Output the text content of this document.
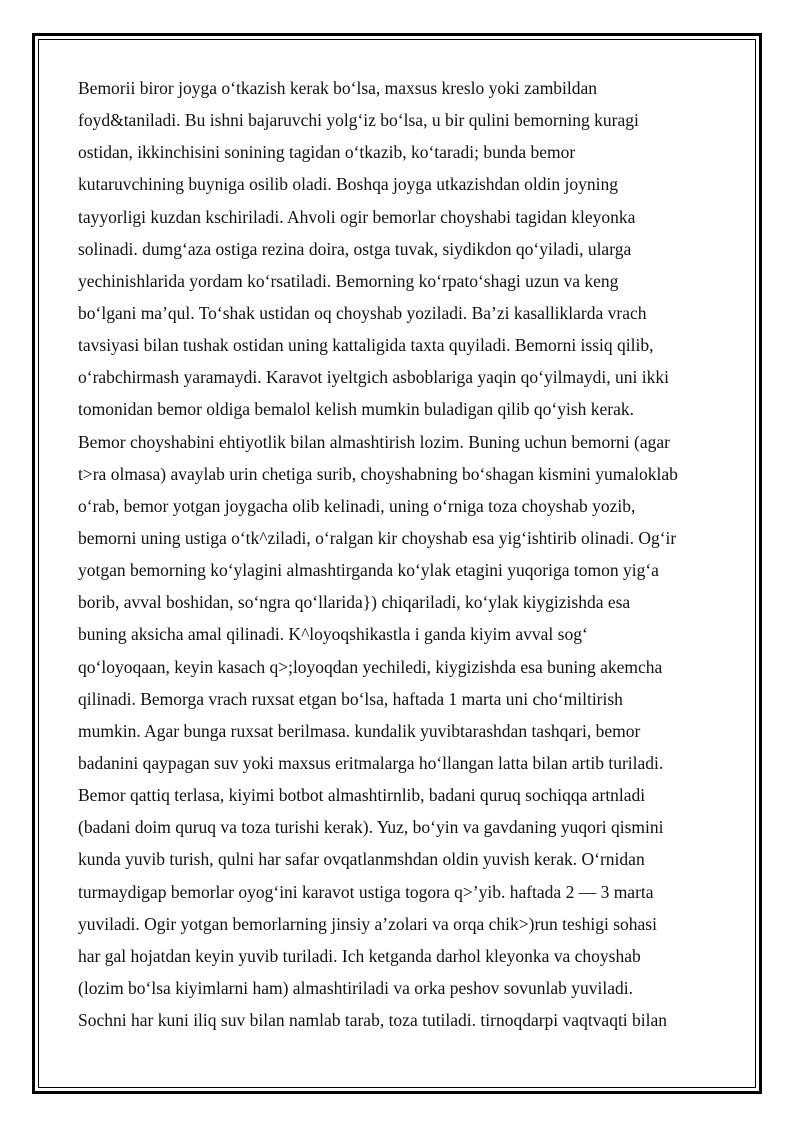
Bemorii biror joyga o‘tkazish kerak bo‘lsa, maxsus kreslo yoki zambildan
foyd&taniladi. Bu ishni bajaruvchi yolg‘iz bo‘lsa, u bir qulini bemorning kuragi
ostidan, ikkinchisini sonining tagidan o‘tkazib, ko‘taradi; bunda bemor
kutaruvchining buyniga osilib oladi. Boshqa joyga utkazishdan oldin joyning
tayyorligi kuzdan kschiriladi. Ahvoli ogir bemorlar choyshabi tagidan kleyonka
solinadi. dumg‘aza ostiga rezina doira, ostga tuvak, siydikdon qo‘yiladi, ularga
yechinishlarida yordam ko‘rsatiladi. Bemorning ko‘rpato‘shagi uzun va keng
bo‘lgani ma’qul. To‘shak ustidan oq choyshab yoziladi. Ba’zi kasalliklarda vrach
tavsiyasi bilan tushak ostidan uning kattaligida taxta quyiladi. Bemorni issiq qilib,
o‘rabchirmash yaramaydi. Karavot iyeltgich asboblariga yaqin qo‘yilmaydi, uni ikki
tomonidan bemor oldiga bemalol kelish mumkin buladigan qilib qo‘yish kerak.
Bemor choyshabini ehtiyotlik bilan almashtirish lozim. Buning uchun bemorni (agar
t>ra olmasa) avaylab urin chetiga surib, choyshabning bo‘shagan kismini yumaloklab
o‘rab, bemor yotgan joygacha olib kelinadi, uning o‘rniga toza choyshab yozib,
bemorni uning ustiga o‘tk^ziladi, o‘ralgan kir choyshab esa yig‘ishtirib olinadi. Og‘ir
yotgan bemorning ko‘ylagini almashtirganda ko‘ylak etagini yuqoriga tomon yig‘a
borib, avval boshidan, so‘ngra qo‘llarida}) chiqariladi, ko‘ylak kiygizishda esa
buning aksicha amal qilinadi. K^loyoqshikastla i ganda kiyim avval sog‘
qo‘loyoqaan, keyin kasach q>;loyoqdan yechiledi, kiygizishda esa buning akemcha
qilinadi. Bemorga vrach ruxsat etgan bo‘lsa, haftada 1 marta uni cho‘miltirish
mumkin. Agar bunga ruxsat berilmasa. kundalik yuvibtarashdan tashqari, bemor
badanini qaypagan suv yoki maxsus eritmalarga ho‘llangan latta bilan artib turiladi.
Bemor qattiq terlasa, kiyimi botbot almashtirnlib, badani quruq sochiqqa artnladi
(badani doim quruq va toza turishi kerak). Yuz, bo‘yin va gavdaning yuqori qismini
kunda yuvib turish, qulni har safar ovqatlanmshdan oldin yuvish kerak. O‘rnidan
turmaydigap bemorlar oyog‘ini karavot ustiga togora q>’yib. haftada 2 — 3 marta
yuviladi. Ogir yotgan bemorlarning jinsiy a’zolari va orqa chik>)run teshigi sohasi
har gal hojatdan keyin yuvib turiladi. Ich ketganda darhol kleyonka va choyshab
(lozim bo‘lsa kiyimlarni ham) almashtiriladi va orka peshov sovunlab yuviladi.
Sochni har kuni iliq suv bilan namlab tarab, toza tutiladi. tirnoqdarpi vaqtvaqti bilan
